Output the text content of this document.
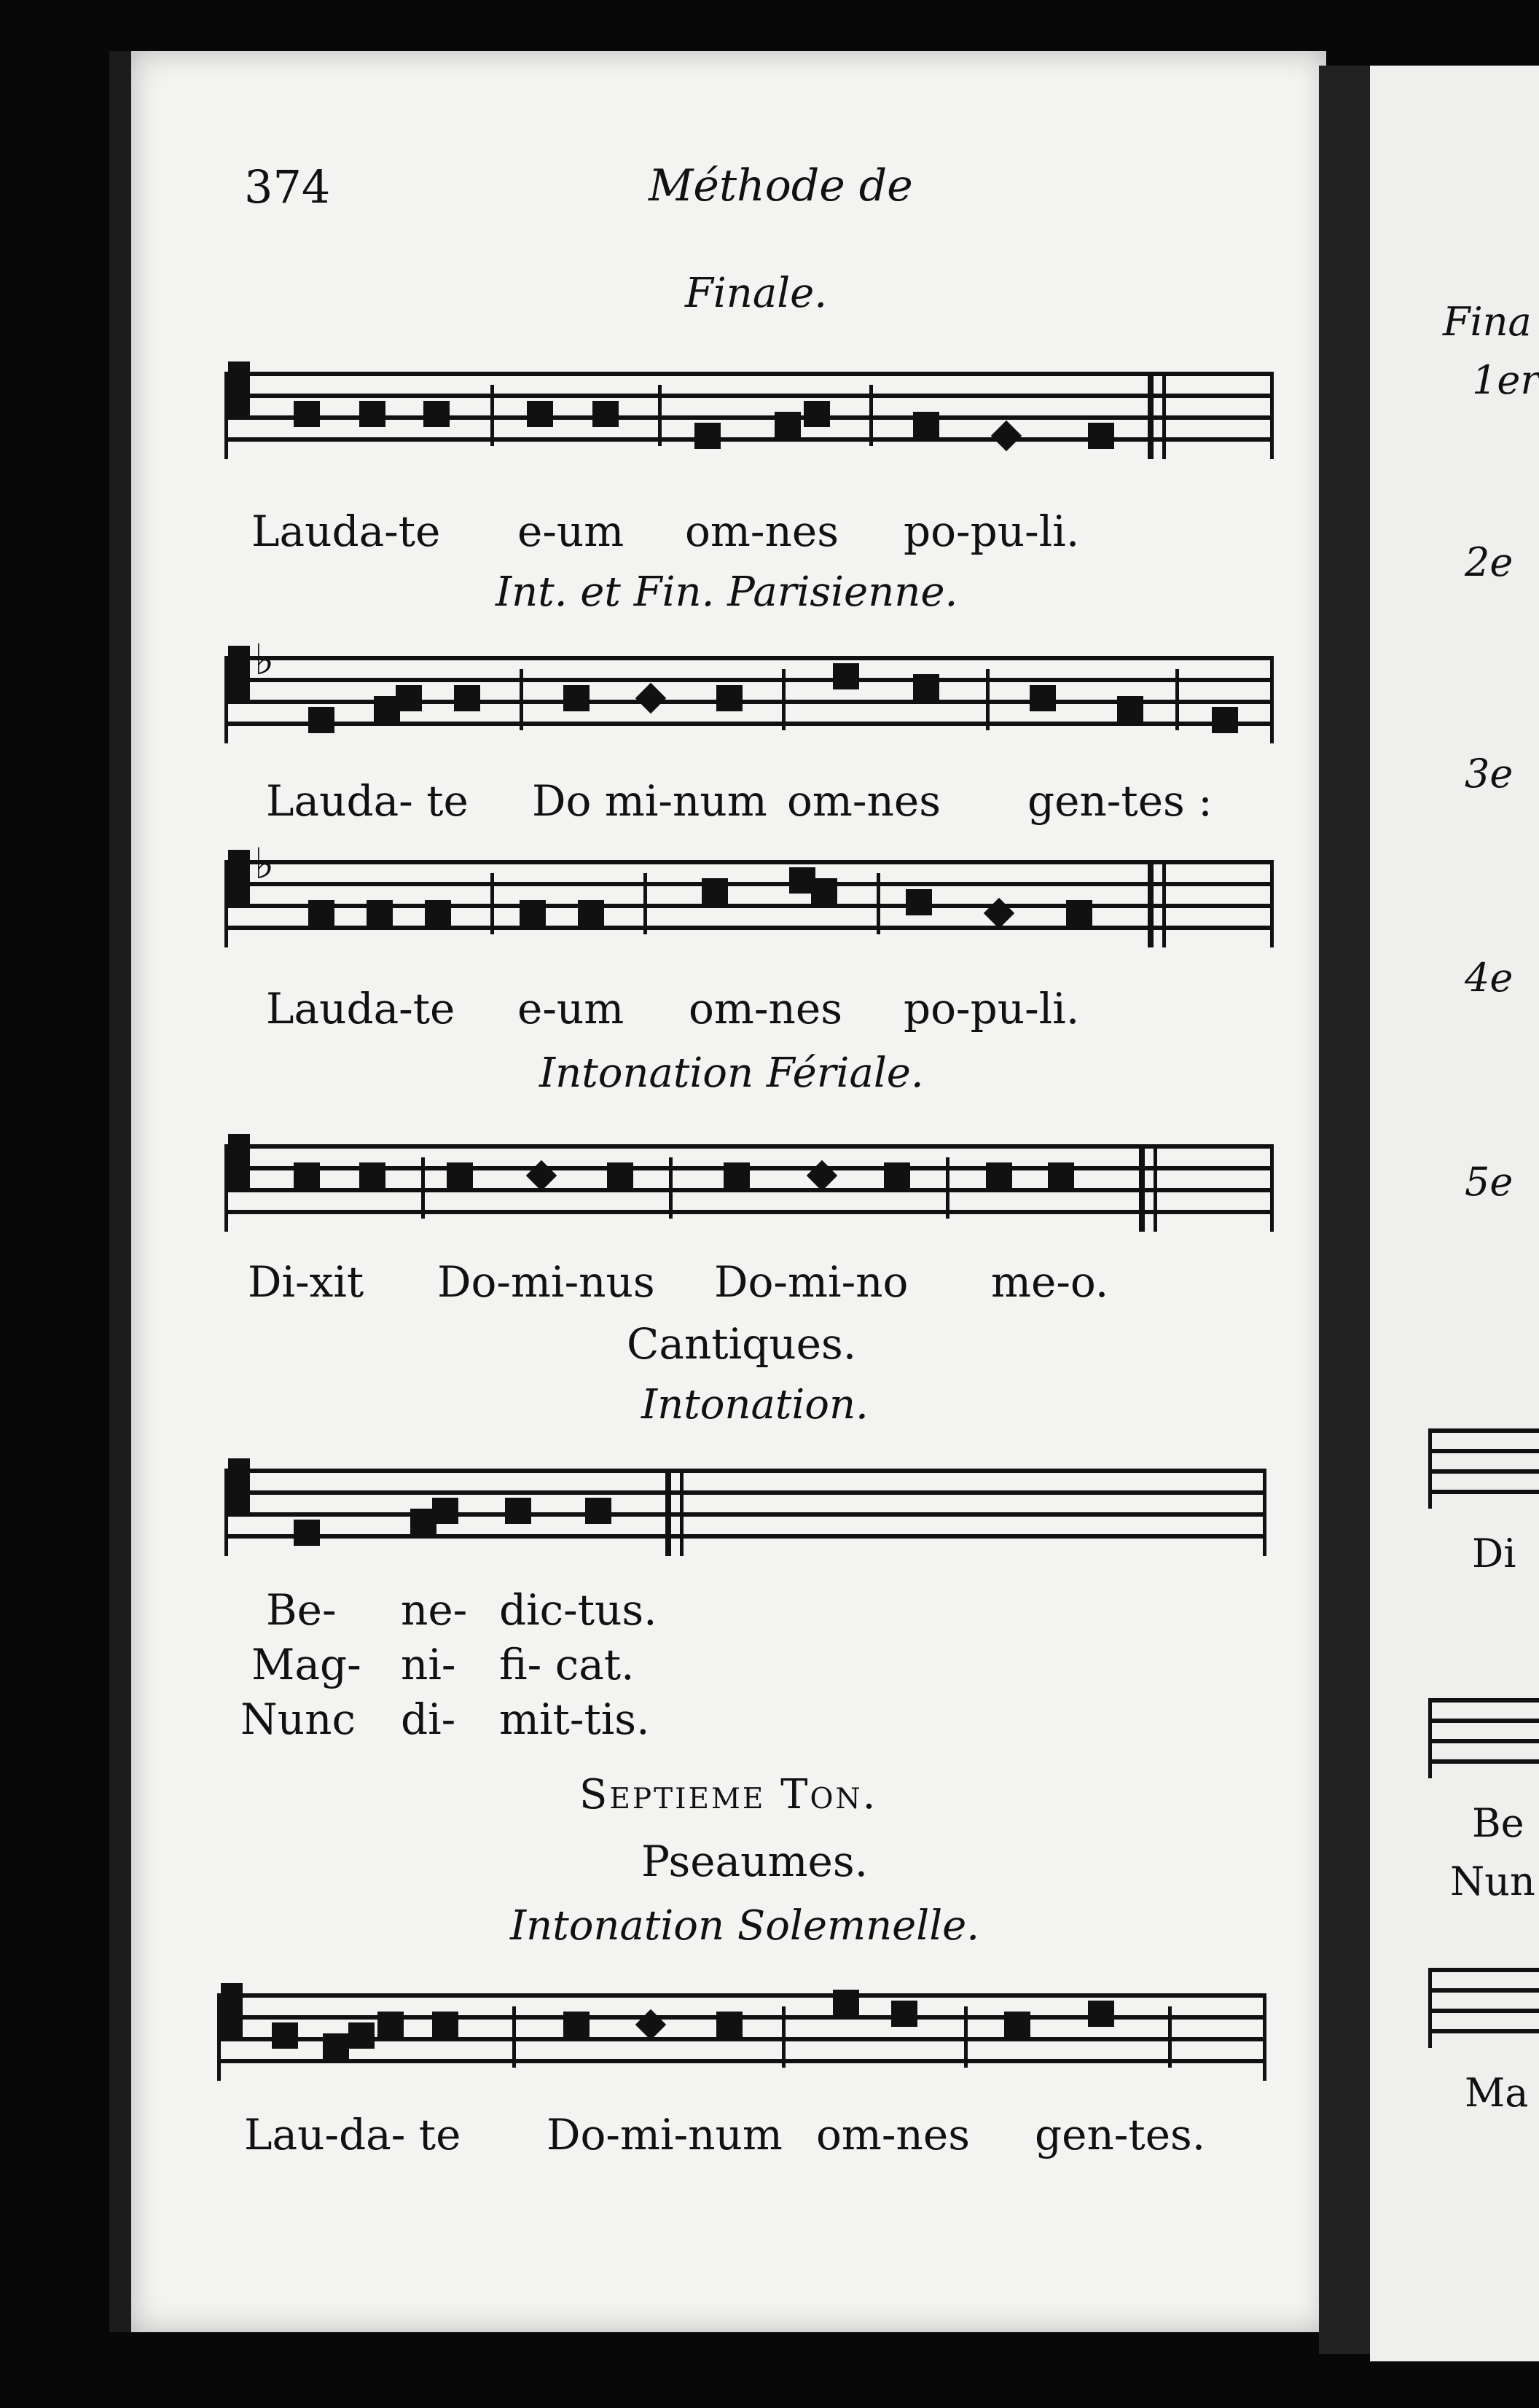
374	Méthode de
Finale.
Lauda-te e-um om-nes po-pu-li.
Int. et Fin. Parisienne.
♭
Lauda- te Do mi-num om-nes gen-tes :
♭
Lauda-te e-um om-nes po-pu-li.
Intonation Fériale.
Di-xit Do-mi-nus Do-mi-no me-o.
Cantiques.
Intonation.
Be- ne- dic-tus.
Mag- ni- fi- cat.
Nunc di- mit-tis.
Septieme Ton.
Pseaumes.
Intonation Solemnelle.
Lau-da- te Do-mi-num om-nes gen-tes.
Fina
1er
2e
3e
4e
5e
Di
Be
Nun
Ma
